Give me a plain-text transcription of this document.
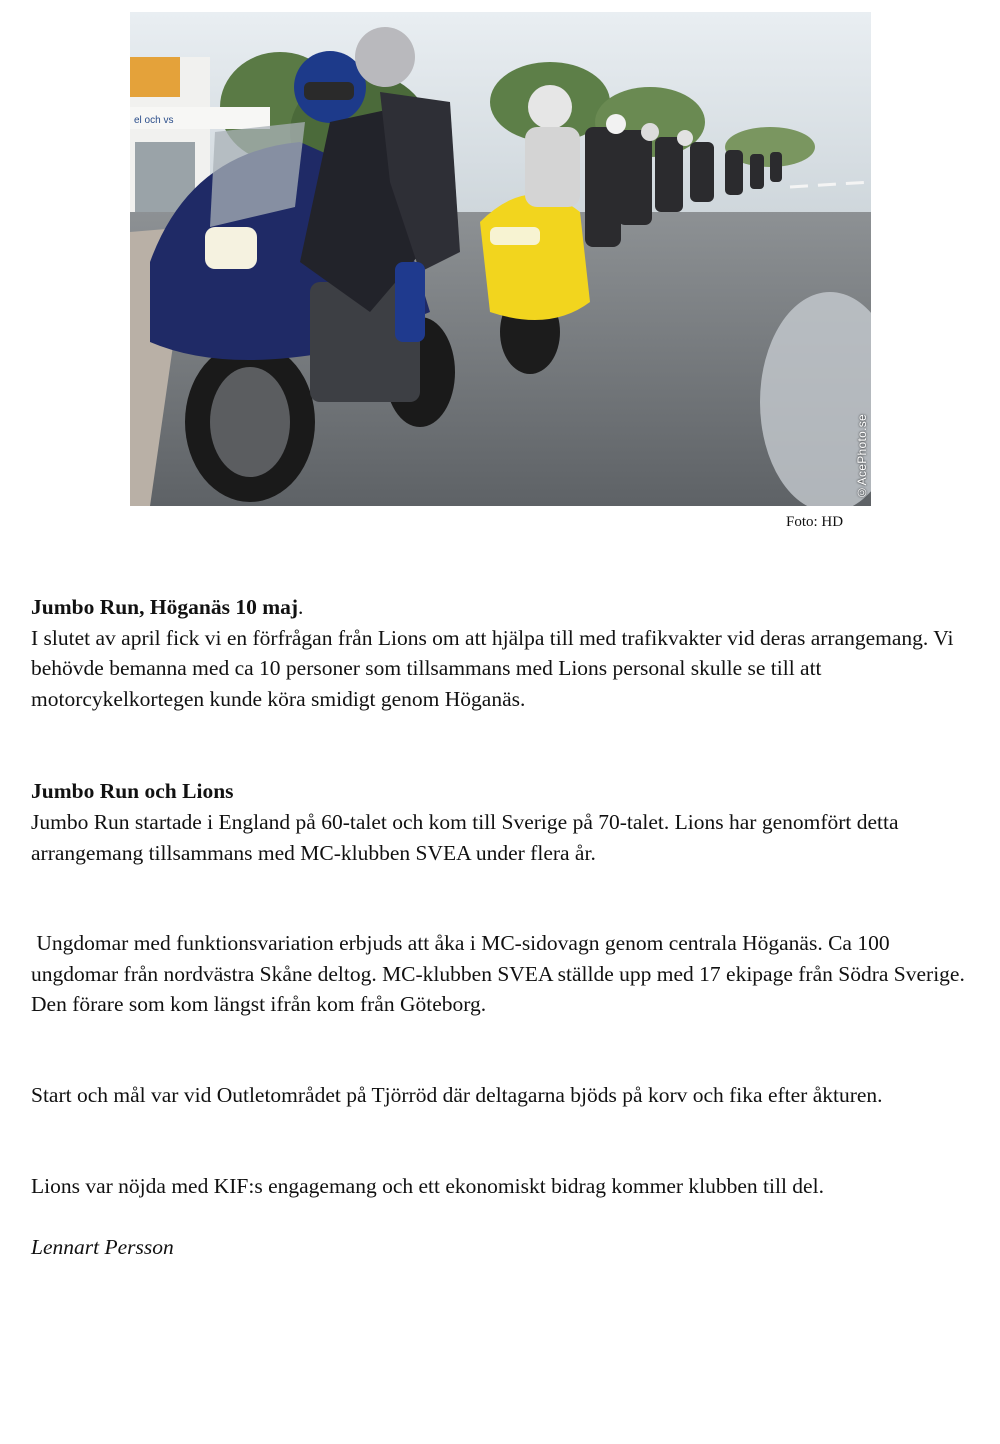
el och vs
©AcePhoto.se
Foto: HD
Jumbo Run, Höganäs 10 maj.

I slutet av april fick vi en förfrågan från Lions om att hjälpa till med trafikvakter vid deras arrangemang. Vi behövde bemanna med ca 10 personer som tillsammans med Lions personal skulle se till att motorcykelkortegen kunde köra smidigt genom Höganäs.

Jumbo Run och Lions

Jumbo Run startade i England på 60-talet och kom till Sverige på 70-talet. Lions har genomfört detta arrangemang tillsammans med MC-klubben SVEA under flera år.

Ungdomar med funktionsvariation erbjuds att åka i MC-sidovagn genom centrala Höganäs. Ca 100 ungdomar från nordvästra Skåne deltog. MC-klubben SVEA ställde upp med 17 ekipage från Södra Sverige. Den förare som kom längst ifrån kom från Göteborg.

Start och mål var vid Outletområdet på Tjörröd där deltagarna bjöds på korv och fika efter åkturen.

Lions var nöjda med KIF:s engagemang och ett ekonomiskt bidrag kommer klubben till del.

Lennart Persson
